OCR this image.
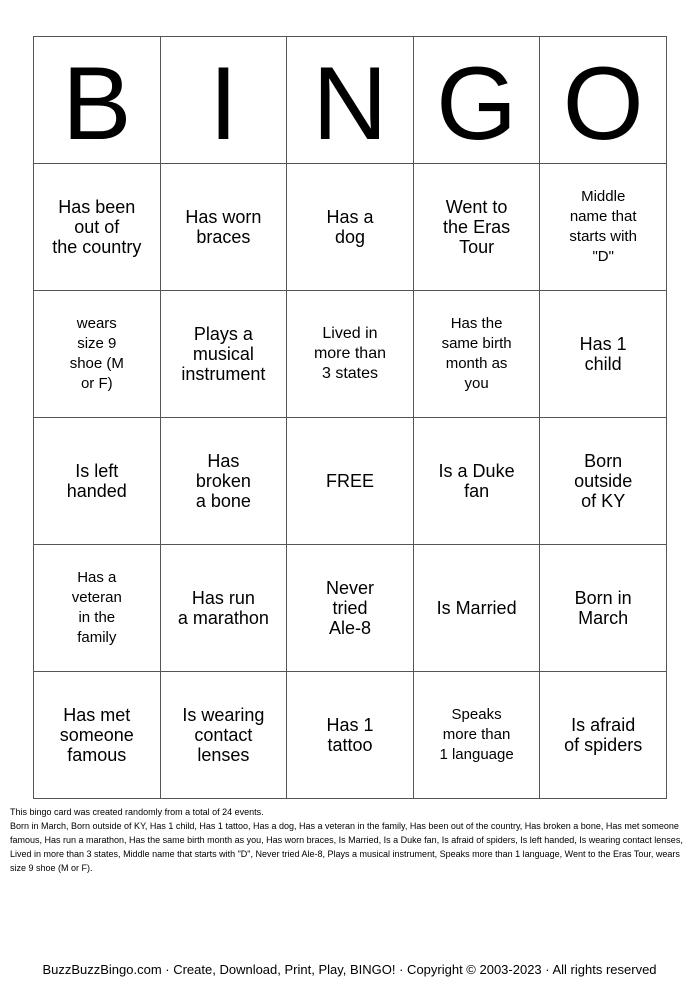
B	I	N	G	O

Has been
out of
the country	Has worn
braces	Has a
dog	Went to
the Eras
Tour	Middle
name that
starts with
"D"

wears
size 9
shoe (M
or F)	Plays a
musical
instrument	Lived in
more than
3 states	Has the
same birth
month as
you	Has 1
child

Is left
handed	Has
broken
a bone	FREE	Is a Duke
fan	Born
outside
of KY

Has a
veteran
in the
family	Has run
a marathon	Never
tried
Ale-8	Is Married	Born in
March

Has met
someone
famous	Is wearing
contact
lenses	Has 1
tattoo	Speaks
more than
1 language	Is afraid
of spiders

This bingo card was created randomly from a total of 24 events.

Born in March, Born outside of KY, Has 1 child, Has 1 tattoo, Has a dog, Has a veteran in the family, Has been out of the country, Has broken a bone, Has met someone famous, Has run a marathon, Has the same birth month as you, Has worn braces, Is Married, Is a Duke fan, Is afraid of spiders, Is left handed, Is wearing contact lenses, Lived in more than 3 states, Middle name that starts with "D", Never tried Ale-8, Plays a musical instrument, Speaks more than 1 language, Went to the Eras Tour, wears size 9 shoe (M or F).

BuzzBuzzBingo.com · Create, Download, Print, Play, BINGO! · Copyright © 2003-2023 · All rights reserved
